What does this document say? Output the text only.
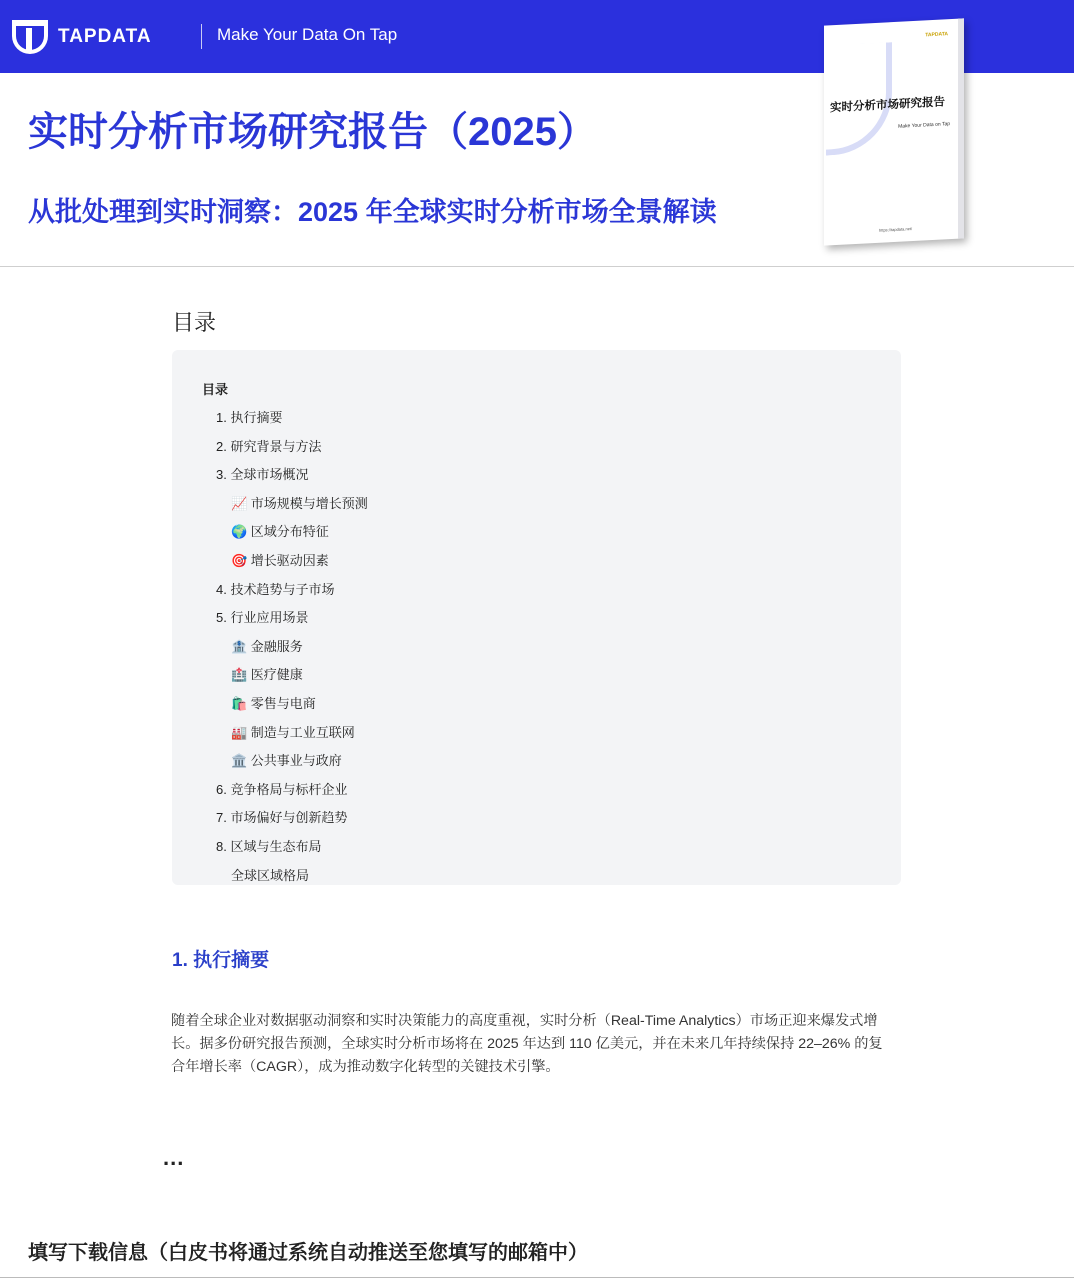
TAPDATA	Make Your Data On Tap
实时分析市场研究报告（2025）
从批处理到实时洞察：2025 年全球实时分析市场全景解读
TAPDATA
实时分析市场研究报告
Make Your Data on Tap
https://tapdata.net/
目录
目录
1. 执行摘要
2. 研究背景与方法
3. 全球市场概况
📈 市场规模与增长预测
🌍 区域分布特征
🎯 增长驱动因素
4. 技术趋势与子市场
5. 行业应用场景
🏦 金融服务
🏥 医疗健康
🛍️ 零售与电商
🏭 制造与工业互联网
🏛️ 公共事业与政府
6. 竞争格局与标杆企业
7. 市场偏好与创新趋势
8. 区域与生态布局
全球区域格局
1. 执行摘要
随着全球企业对数据驱动洞察和实时决策能力的高度重视，实时分析（Real-Time Analytics）市场正迎来爆发式增长。据多份研究报告预测，全球实时分析市场将在 2025 年达到 110 亿美元，并在未来几年持续保持 22–26% 的复合年增长率（CAGR），成为推动数字化转型的关键技术引擎。
...
填写下载信息（白皮书将通过系统自动推送至您填写的邮箱中）
